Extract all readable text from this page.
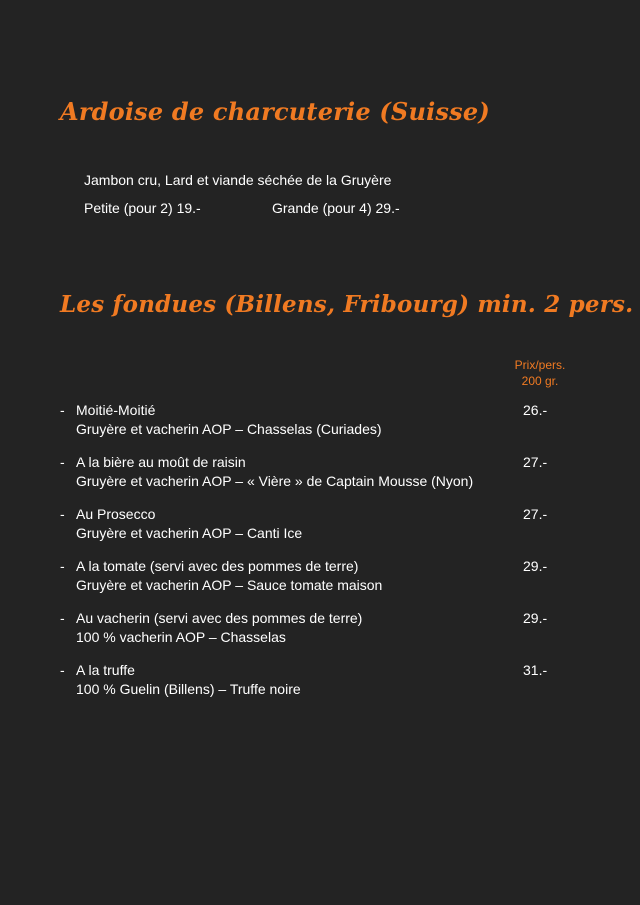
Ardoise de charcuterie (Suisse)
Jambon cru, Lard et viande séchée de la Gruyère
Petite (pour 2) 19.-	Grande (pour 4) 29.-
Les fondues (Billens, Fribourg) min. 2 pers.
Prix/pers.
200 gr.
- Moitié-Moitié
Gruyère et vacherin AOP – Chasselas (Curiades)
26.-
- A la bière au moût de raisin
Gruyère et vacherin AOP – « Vière » de Captain Mousse (Nyon)
27.-
- Au Prosecco
Gruyère et vacherin AOP – Canti Ice
27.-
- A la tomate (servi avec des pommes de terre)
Gruyère et vacherin AOP – Sauce tomate maison
29.-
- Au vacherin (servi avec des pommes de terre)
100 % vacherin AOP – Chasselas
29.-
- A la truffe
100 % Guelin (Billens) – Truffe noire
31.-
